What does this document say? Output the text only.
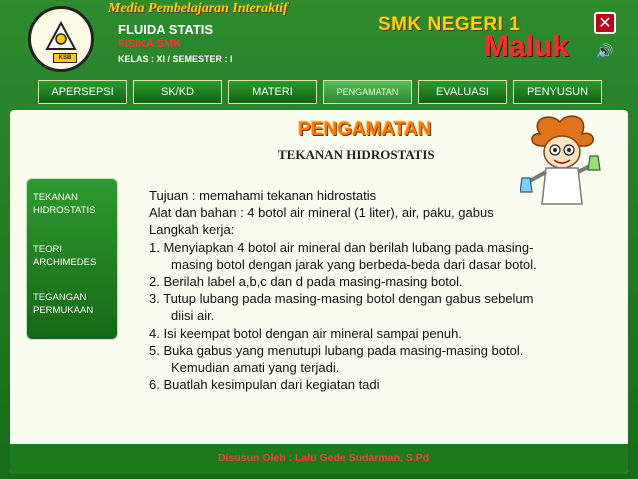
KSB
Media Pembelajaran Interaktif
FLUIDA STATIS
FISIKA SMK
KELAS : XI / SEMESTER : I
SMK NEGERI 1
Maluk
✕
🔊
APERSEPSI	SK/KD	MATERI	PENGAMATAN	EVALUASI	PENYUSUN
PENGAMATAN
TEKANAN HIDROSTATIS
TEKANAN
HIDROSTATIS
TEORI
ARCHIMEDES
TEGANGAN
PERMUKAAN
Tujuan : memahami tekanan hidrostatis
Alat dan bahan : 4 botol air mineral (1 liter), air, paku, gabus
Langkah kerja:
1. Menyiapkan 4 botol air mineral dan berilah lubang pada masing-
masing botol dengan jarak yang berbeda-beda dari dasar botol.
2. Berilah label a,b,c dan d pada masing-masing botol.
3. Tutup lubang pada masing-masing botol dengan gabus sebelum
diisi air.
4. Isi keempat botol dengan air mineral sampai penuh.
5. Buka gabus yang menutupi lubang pada masing-masing botol.
Kemudian amati yang terjadi.
6. Buatlah kesimpulan dari kegiatan tadi
Disusun Oleh : Lalu Gede Sudarman, S.Pd
